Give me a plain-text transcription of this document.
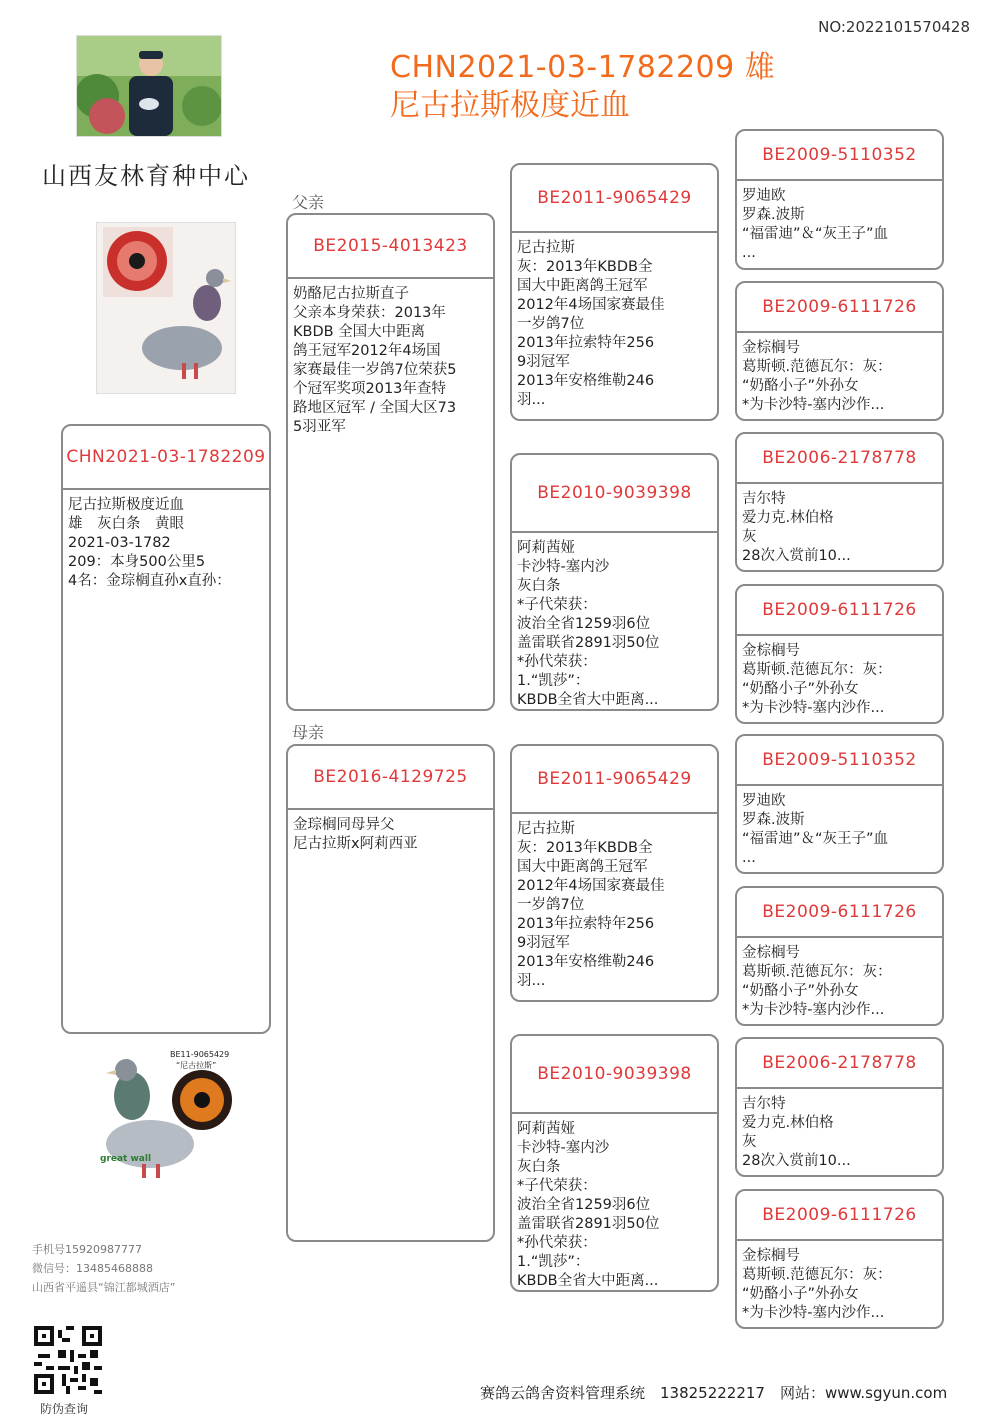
NO:2022101570428
CHN2021-03-1782209 雄
尼古拉斯极度近血
山西友林育种中心
BE11-9065429
“尼古拉斯”
great wall
父亲
母亲
CHN2021-03-1782209
尼古拉斯极度近血
雄　灰白条　黄眼
2021-03-1782
209：本身500公里5
4名：金琮榈直孙x直孙：
BE2015-4013423
奶酪尼古拉斯直子
父亲本身荣获：2013年
KBDB 全国大中距离
鸽王冠军2012年4场国
家赛最佳一岁鸽7位荣获5
个冠军奖项2013年查特
路地区冠军 / 全国大区73
5羽亚军
BE2016-4129725
金琮榈同母异父
尼古拉斯x阿莉西亚
BE2011-9065429
尼古拉斯
灰：2013年KBDB全
国大中距离鸽王冠军
2012年4场国家赛最佳
一岁鸽7位
2013年拉索特年256
9羽冠军
2013年安格维勒246
羽...
BE2010-9039398
阿莉茜娅
卡沙特-塞内沙
灰白条
*子代荣获：
波治全省1259羽6位
盖雷联省2891羽50位
*孙代荣获：
1.“凯莎”：
KBDB全省大中距离...
BE2011-9065429
尼古拉斯
灰：2013年KBDB全
国大中距离鸽王冠军
2012年4场国家赛最佳
一岁鸽7位
2013年拉索特年256
9羽冠军
2013年安格维勒246
羽...
BE2010-9039398
阿莉茜娅
卡沙特-塞内沙
灰白条
*子代荣获：
波治全省1259羽6位
盖雷联省2891羽50位
*孙代荣获：
1.“凯莎”：
KBDB全省大中距离...
BE2009-5110352
罗迪欧
罗森.波斯
“福雷迪”＆“灰王子”血
...
BE2009-6111726
金棕榈号
葛斯顿.范德瓦尔：灰：
“奶酪小子”外孙女
*为卡沙特-塞内沙作...
BE2006-2178778
吉尔特
爱力克.林伯格
灰
28次入赏前10...
BE2009-6111726
金棕榈号
葛斯顿.范德瓦尔：灰：
“奶酪小子”外孙女
*为卡沙特-塞内沙作...
BE2009-5110352
罗迪欧
罗森.波斯
“福雷迪”＆“灰王子”血
...
BE2009-6111726
金棕榈号
葛斯顿.范德瓦尔：灰：
“奶酪小子”外孙女
*为卡沙特-塞内沙作...
BE2006-2178778
吉尔特
爱力克.林伯格
灰
28次入赏前10...
BE2009-6111726
金棕榈号
葛斯顿.范德瓦尔：灰：
“奶酪小子”外孙女
*为卡沙特-塞内沙作...
手机号15920987777
微信号：13485468888
山西省平遥县“锦江都城酒店”
防伪查询
赛鸽云鸽舍资料管理系统　13825222217　网站：www.sgyun.com
